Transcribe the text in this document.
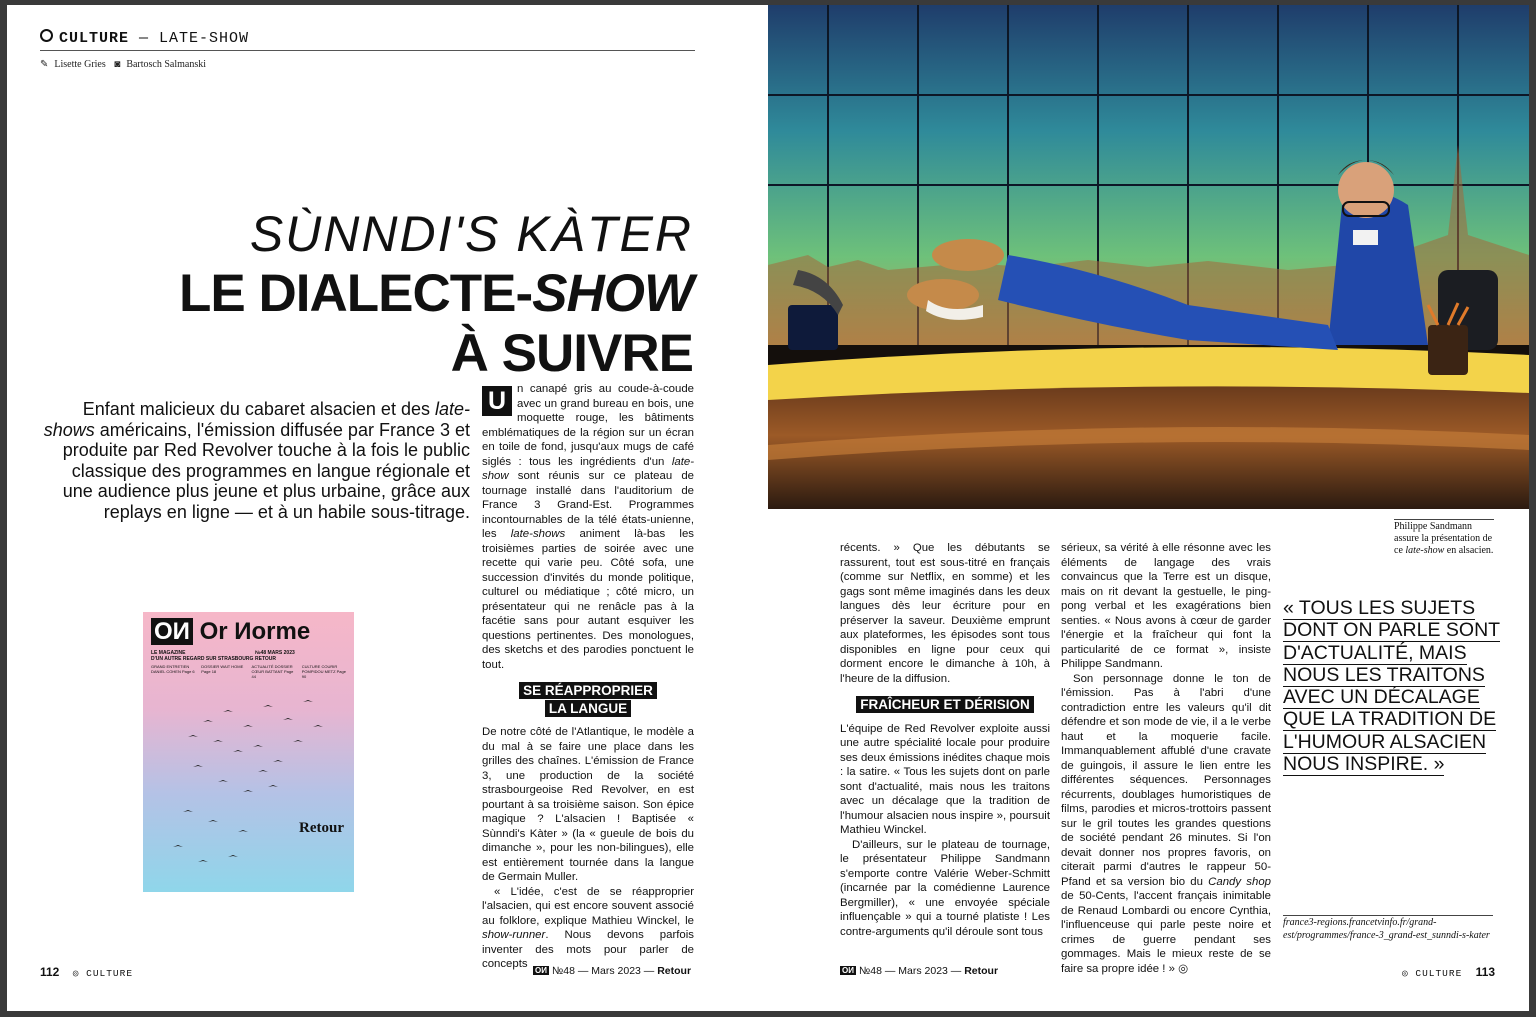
CULTURE — LATE-SHOW
✎ Lisette Gries ◙ Bartosch Salmanski
SÙNNDI'S KÀTER
LE DIALECTE-SHOW
À SUIVRE
Enfant malicieux du cabaret alsacien et des late-shows américains, l'émission diffusée par France 3 et produite par Red Revolver touche à la fois le public classique des programmes en langue régionale et une audience plus jeune et plus urbaine, grâce aux replays en ligne — et à un habile sous-titrage.
U n canapé gris au coude-à-coude avec un grand bureau en bois, une moquette rouge, les bâtiments emblématiques de la région sur un écran en toile de fond, jusqu'aux mugs de café siglés : tous les ingrédients d'un late-show sont réunis sur ce plateau de tournage installé dans l'auditorium de France 3 Grand-Est. Programmes incontournables de la télé états-unienne, les late-shows animent là-bas les troisièmes parties de soirée avec une recette qui varie peu. Côté sofa, une succession d'invités du monde politique, culturel ou médiatique ; côté micro, un présentateur qui ne renâcle pas à la facétie sans pour autant esquiver les questions pertinentes. Des monologues, des sketchs et des parodies ponctuent le tout.
SE RÉAPPROPRIER
LA LANGUE
De notre côté de l'Atlantique, le modèle a du mal à se faire une place dans les grilles des chaînes. L'émission de France 3, une production de la société strasbourgeoise Red Revolver, en est pourtant à sa troisième saison. Son épice magique ? L'alsacien ! Baptisée « Sùnndi's Kàter » (la « gueule de bois du dimanche », pour les non-bilingues), elle est entièrement tournée dans la langue de Germain Muller.
« L'idée, c'est de se réapproprier l'alsacien, qui est encore souvent associé au folklore, explique Mathieu Winckel, le show-runner. Nous devons parfois inventer des mots pour parler de concepts
OИ Or Иorme
LE MAGAZINE
D'UN AUTRE REGARD SUR STRASBOURG
№48 MARS 2023
RETOUR
GRAND ENTRETIEN DANIEL COHEN Page 6
DOSSIER WAIT HOME Page 18
ACTUALITÉ DOSSIER CŒUR BATTANT Page 44
CULTURE COURIR POMPIDOU METZ Page 90
Retour
112 ◎ CULTURE	OИ №48 — Mars 2023 — Retour
récents. » Que les débutants se rassurent, tout est sous-titré en français (comme sur Netflix, en somme) et les gags sont même imaginés dans les deux langues dès leur écriture pour en préserver la saveur. Deuxième emprunt aux plateformes, les épisodes sont tous disponibles en ligne pour ceux qui dorment encore le dimanche à 10h, à l'heure de la diffusion.
FRAÎCHEUR ET DÉRISION
L'équipe de Red Revolver exploite aussi une autre spécialité locale pour produire ses deux émissions inédites chaque mois : la satire. « Tous les sujets dont on parle sont d'actualité, mais nous les traitons avec un décalage que la tradition de l'humour alsacien nous inspire », poursuit Mathieu Winckel.
D'ailleurs, sur le plateau de tournage, le présentateur Philippe Sandmann s'emporte contre Valérie Weber-Schmitt (incarnée par la comédienne Laurence Bergmiller), « une envoyée spéciale influençable » qui a tourné platiste ! Les contre-arguments qu'il déroule sont tous
sérieux, sa vérité à elle résonne avec les éléments de langage des vrais convaincus que la Terre est un disque, mais on rit devant la gestuelle, le ping-pong verbal et les exagérations bien senties. « Nous avons à cœur de garder l'énergie et la fraîcheur qui font la particularité de ce format », insiste Philippe Sandmann.
Son personnage donne le ton de l'émission. Pas à l'abri d'une contradiction entre les valeurs qu'il dit défendre et son mode de vie, il a le verbe haut et la moquerie facile. Immanquablement affublé d'une cravate de guingois, il assure le lien entre les différentes séquences. Personnages récurrents, doublages humoristiques de films, parodies et micros-trottoirs passent sur le gril toutes les grandes questions de société pendant 26 minutes. Si l'on devait donner nos propres favoris, on citerait parmi d'autres le rappeur 50-Pfand et sa version bio du Candy shop de 50-Cents, l'accent français inimitable de Renaud Lombardi ou encore Cynthia, l'influenceuse qui parle peste noire et crimes de guerre pendant ses gommages. Mais le mieux reste de se faire sa propre idée ! » ◎
Philippe Sandmann assure la présentation de ce late-show en alsacien.
« TOUS LES SUJETS DONT ON PARLE SONT D'ACTUALITÉ, MAIS NOUS LES TRAITONS AVEC UN DÉCALAGE QUE LA TRADITION DE L'HUMOUR ALSACIEN NOUS INSPIRE. »
france3-regions.francetvinfo.fr/grand-est/programmes/france-3_grand-est_sunndi-s-kater
OИ №48 — Mars 2023 — Retour	◎ CULTURE 113
